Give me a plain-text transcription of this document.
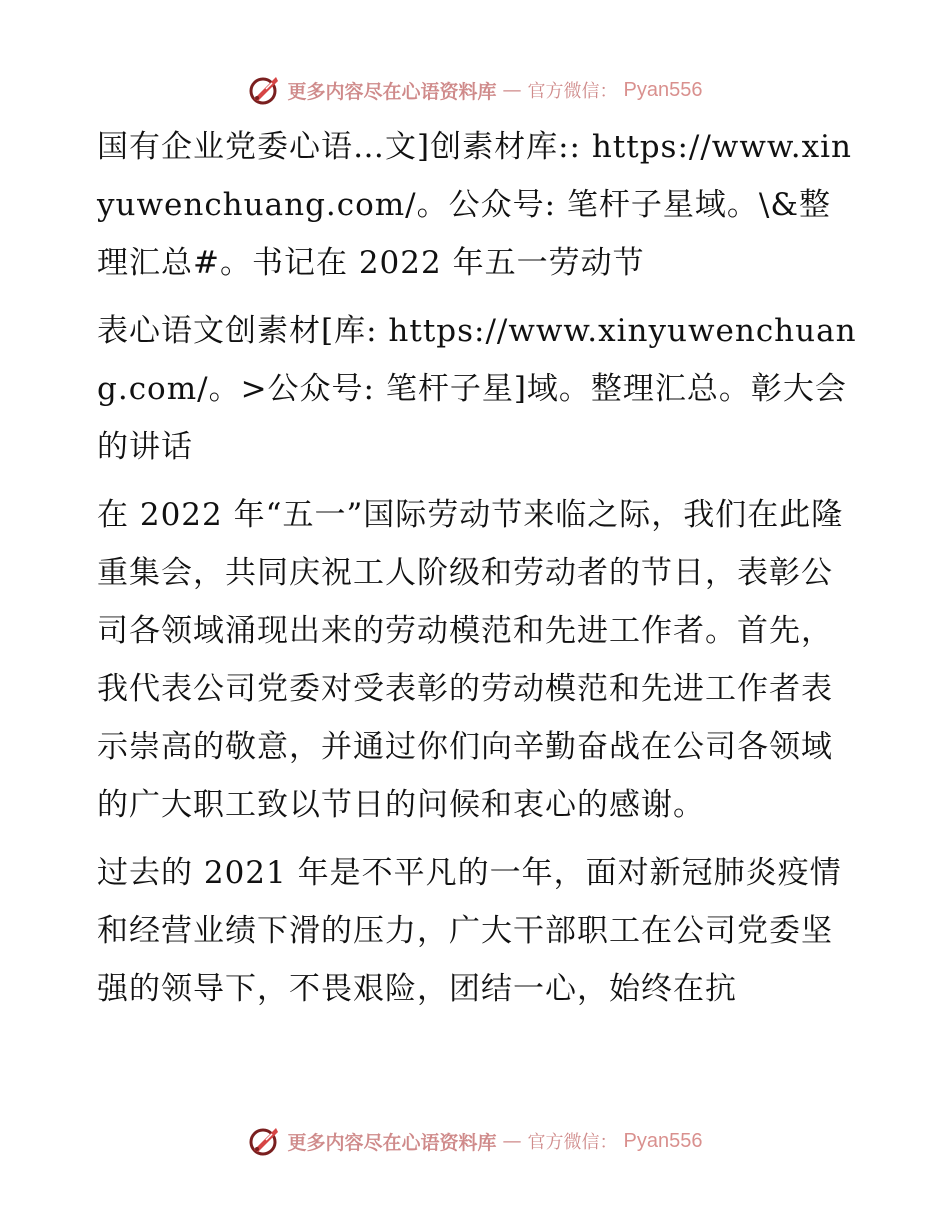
更多内容尽在心语资料库 — 官方微信： Pyan556

国有企业党委心语…文]创素材库:: https://www.xinyuwenchuang.com/。公众号: 笔杆子星域。\&整理汇总#。书记在 2022 年五一劳动节

表心语文创素材[库: https://www.xinyuwenchuang.com/。>公众号: 笔杆子星]域。整理汇总。彰大会的讲话

在 2022 年“五一”国际劳动节来临之际，我们在此隆重集会，共同庆祝工人阶级和劳动者的节日，表彰公司各领域涌现出来的劳动模范和先进工作者。首先，我代表公司党委对受表彰的劳动模范和先进工作者表示崇高的敬意，并通过你们向辛勤奋战在公司各领域的广大职工致以节日的问候和衷心的感谢。

过去的 2021 年是不平凡的一年，面对新冠肺炎疫情和经营业绩下滑的压力，广大干部职工在公司党委坚强的领导下，不畏艰险，团结一心，始终在抗

更多内容尽在心语资料库 — 官方微信： Pyan556
